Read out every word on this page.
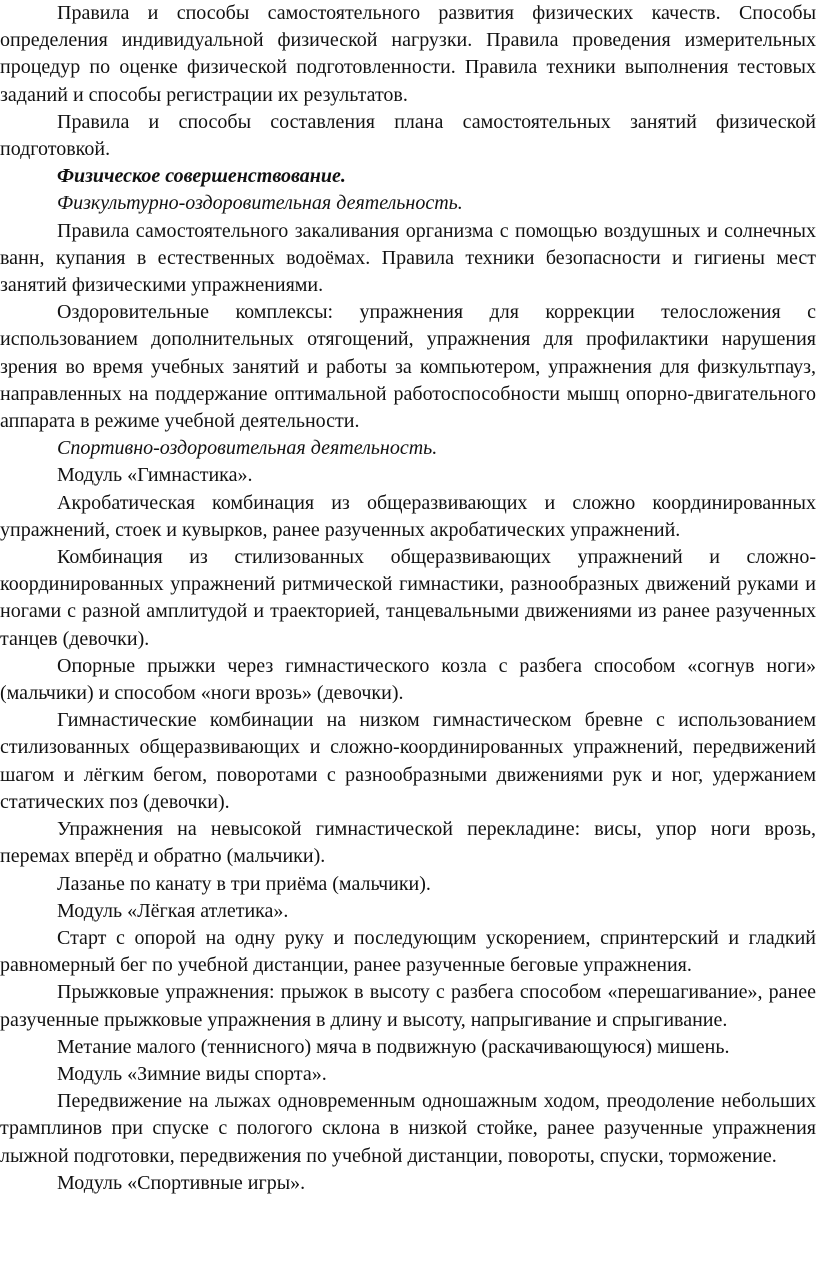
Правила и способы самостоятельного развития физических качеств. Способы определения индивидуальной физической нагрузки. Правила проведения измерительных процедур по оценке физической подготовленности. Правила техники выполнения тестовых заданий и способы регистрации их результатов.

Правила и способы составления плана самостоятельных занятий физической подготовкой.

Физическое совершенствование.

Физкультурно-оздоровительная деятельность.

Правила самостоятельного закаливания организма с помощью воздушных и солнечных ванн, купания в естественных водоёмах. Правила техники безопасности и гигиены мест занятий физическими упражнениями.

Оздоровительные комплексы: упражнения для коррекции телосложения с использованием дополнительных отягощений, упражнения для профилактики нарушения зрения во время учебных занятий и работы за компьютером, упражнения для физкультпауз, направленных на поддержание оптимальной работоспособности мышц опорно-двигательного аппарата в режиме учебной деятельности.

Спортивно-оздоровительная деятельность.

Модуль «Гимнастика».

Акробатическая комбинация из общеразвивающих и сложно координированных упражнений, стоек и кувырков, ранее разученных акробатических упражнений.

Комбинация из стилизованных общеразвивающих упражнений и сложно-координированных упражнений ритмической гимнастики, разнообразных движений руками и ногами с разной амплитудой и траекторией, танцевальными движениями из ранее разученных танцев (девочки).

Опорные прыжки через гимнастического козла с разбега способом «согнув ноги» (мальчики) и способом «ноги врозь» (девочки).

Гимнастические комбинации на низком гимнастическом бревне с использованием стилизованных общеразвивающих и сложно-координированных упражнений, передвижений шагом и лёгким бегом, поворотами с разнообразными движениями рук и ног, удержанием статических поз (девочки).

Упражнения на невысокой гимнастической перекладине: висы, упор ноги врозь, перемах вперёд и обратно (мальчики).

Лазанье по канату в три приёма (мальчики).

Модуль «Лёгкая атлетика».

Старт с опорой на одну руку и последующим ускорением, спринтерский и гладкий равномерный бег по учебной дистанции, ранее разученные беговые упражнения.

Прыжковые упражнения: прыжок в высоту с разбега способом «перешагивание», ранее разученные прыжковые упражнения в длину и высоту, напрыгивание и спрыгивание.

Метание малого (теннисного) мяча в подвижную (раскачивающуюся) мишень.

Модуль «Зимние виды спорта».

Передвижение на лыжах одновременным одношажным ходом, преодоление небольших трамплинов при спуске с пологого склона в низкой стойке, ранее разученные упражнения лыжной подготовки, передвижения по учебной дистанции, повороты, спуски, торможение.

Модуль «Спортивные игры».
